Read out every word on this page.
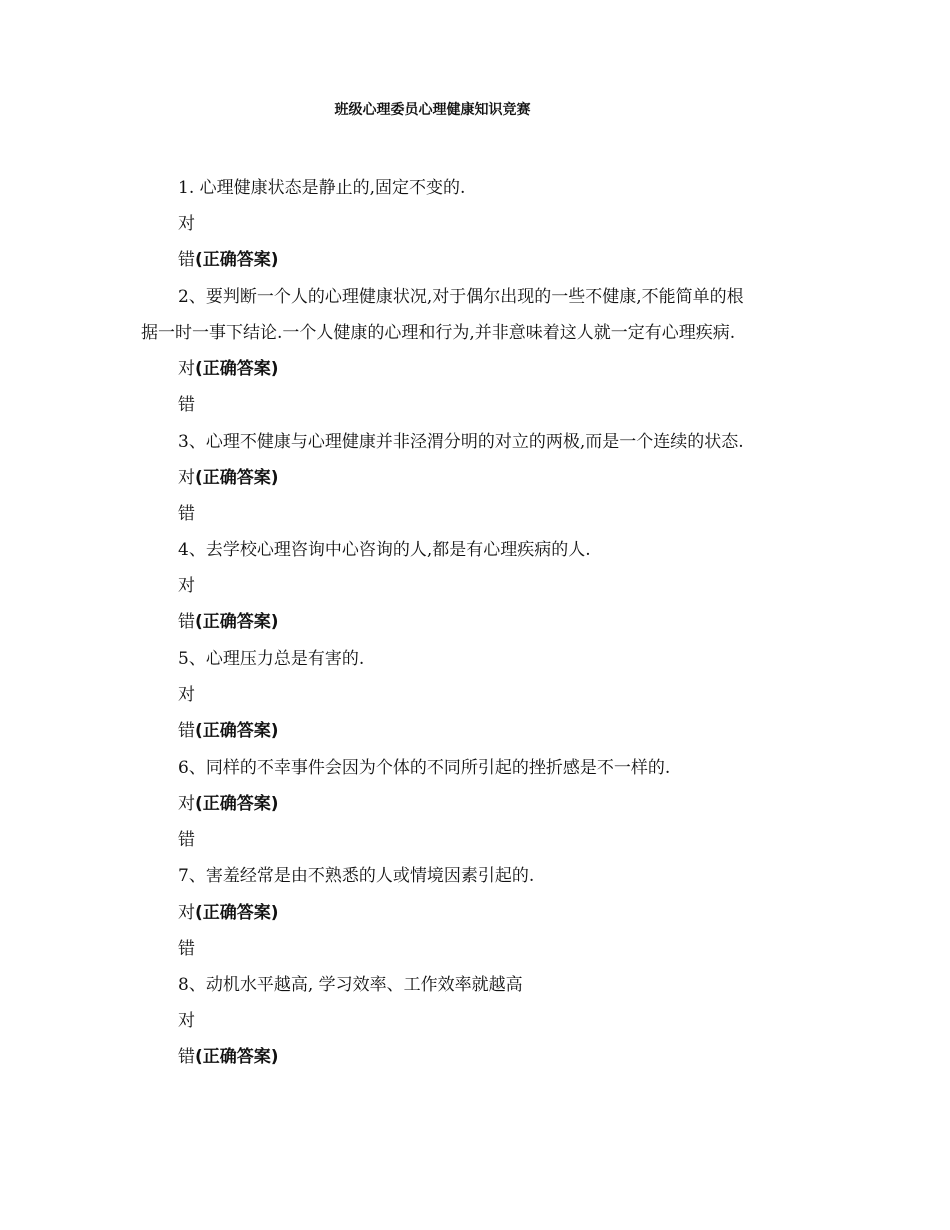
班级心理委员心理健康知识竞赛
1. 心理健康状态是静止的,固定不变的.
对
错(正确答案)
2、要判断一个人的心理健康状况,对于偶尔出现的一些不健康,不能简单的根
据一时一事下结论.一个人健康的心理和行为,并非意味着这人就一定有心理疾病.
对(正确答案)
错
3、心理不健康与心理健康并非泾渭分明的对立的两极,而是一个连续的状态.
对(正确答案)
错
4、去学校心理咨询中心咨询的人,都是有心理疾病的人.
对
错(正确答案)
5、心理压力总是有害的.
对
错(正确答案)
6、同样的不幸事件会因为个体的不同所引起的挫折感是不一样的.
对(正确答案)
错
7、害羞经常是由不熟悉的人或情境因素引起的.
对(正确答案)
错
8、动机水平越高, 学习效率、工作效率就越高
对
错(正确答案)
